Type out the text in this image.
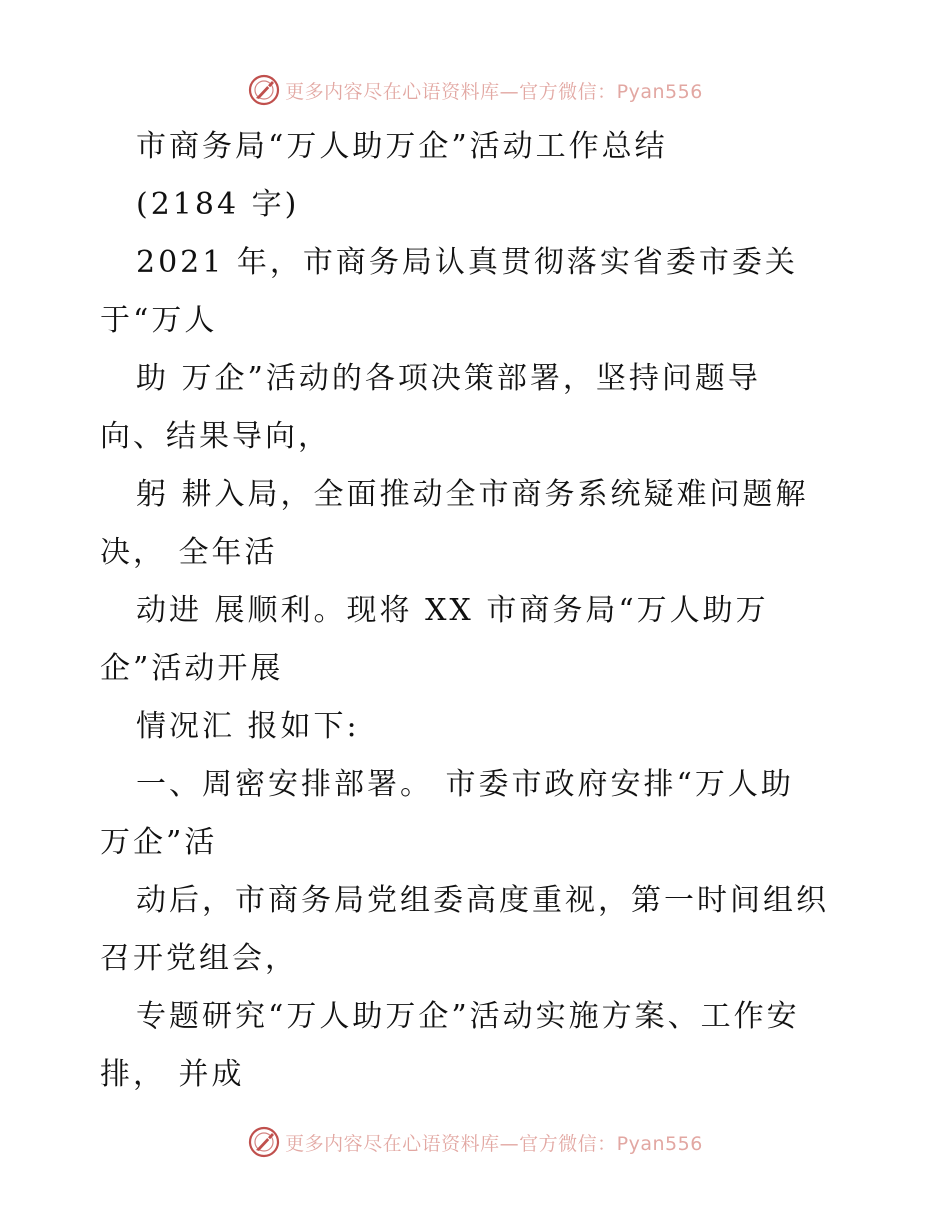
更多内容尽在心语资料库—官方微信：Pyan556
市商务局“万人助万企”活动工作总结
(2184 字)
2021 年，市商务局认真贯彻落实省委市委关
于“万人
助 万企”活动的各项决策部署，坚持问题导
向、结果导向，
躬 耕入局，全面推动全市商务系统疑难问题解
决， 全年活
动进 展顺利。现将 XX 市商务局“万人助万
企”活动开展
情况汇 报如下:
一、周密安排部署。 市委市政府安排“万人助
万企”活
动后，市商务局党组委高度重视，第一时间组织
召开党组会，
专题研究“万人助万企”活动实施方案、工作安
排， 并成
更多内容尽在心语资料库—官方微信：Pyan556
